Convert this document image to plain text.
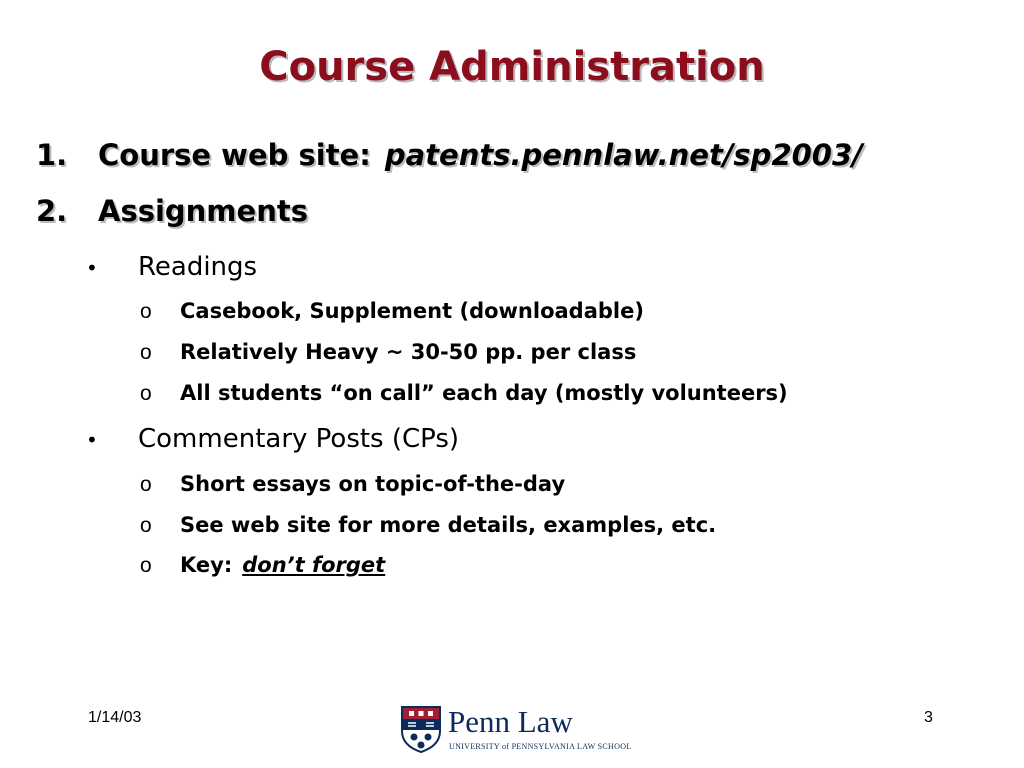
Course Administration
1. Course web site: patents.pennlaw.net/sp2003/
2. Assignments
• Readings
o Casebook, Supplement (downloadable)
o Relatively Heavy ~ 30-50 pp. per class
o All students “on call” each day (mostly volunteers)
• Commentary Posts (CPs)
o Short essays on topic-of-the-day
o See web site for more details, examples, etc.
o Key: don’t forget
1/14/03	3
Penn Law
UNIVERSITY of PENNSYLVANIA LAW SCHOOL
